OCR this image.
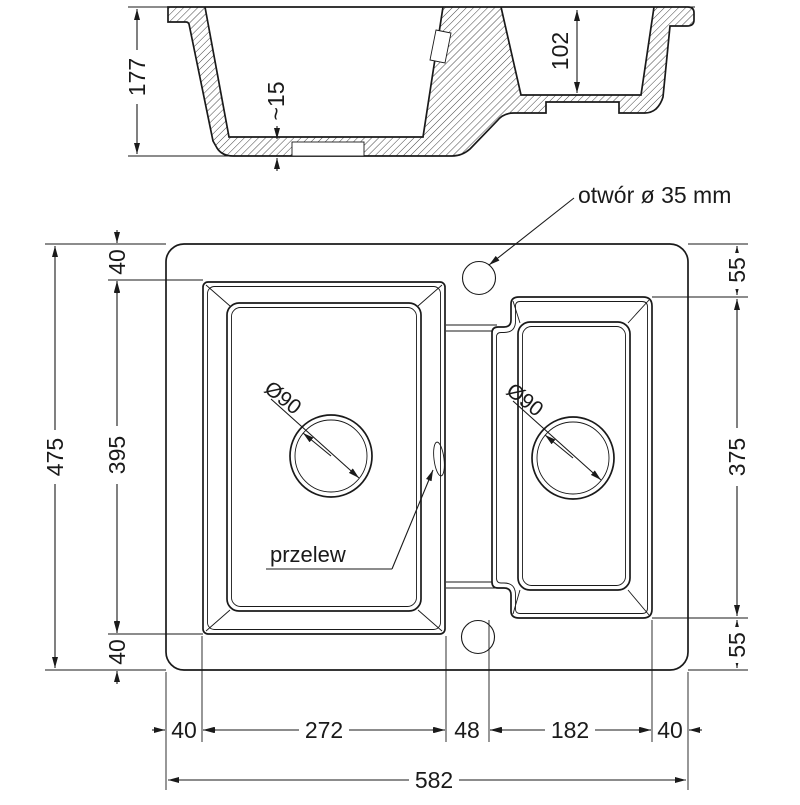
177
~15
102
Ø90	Ø90
otwór ø 35 mm
przelew
475
40
395
40
55
375
55
40	272	48	182	40
582
